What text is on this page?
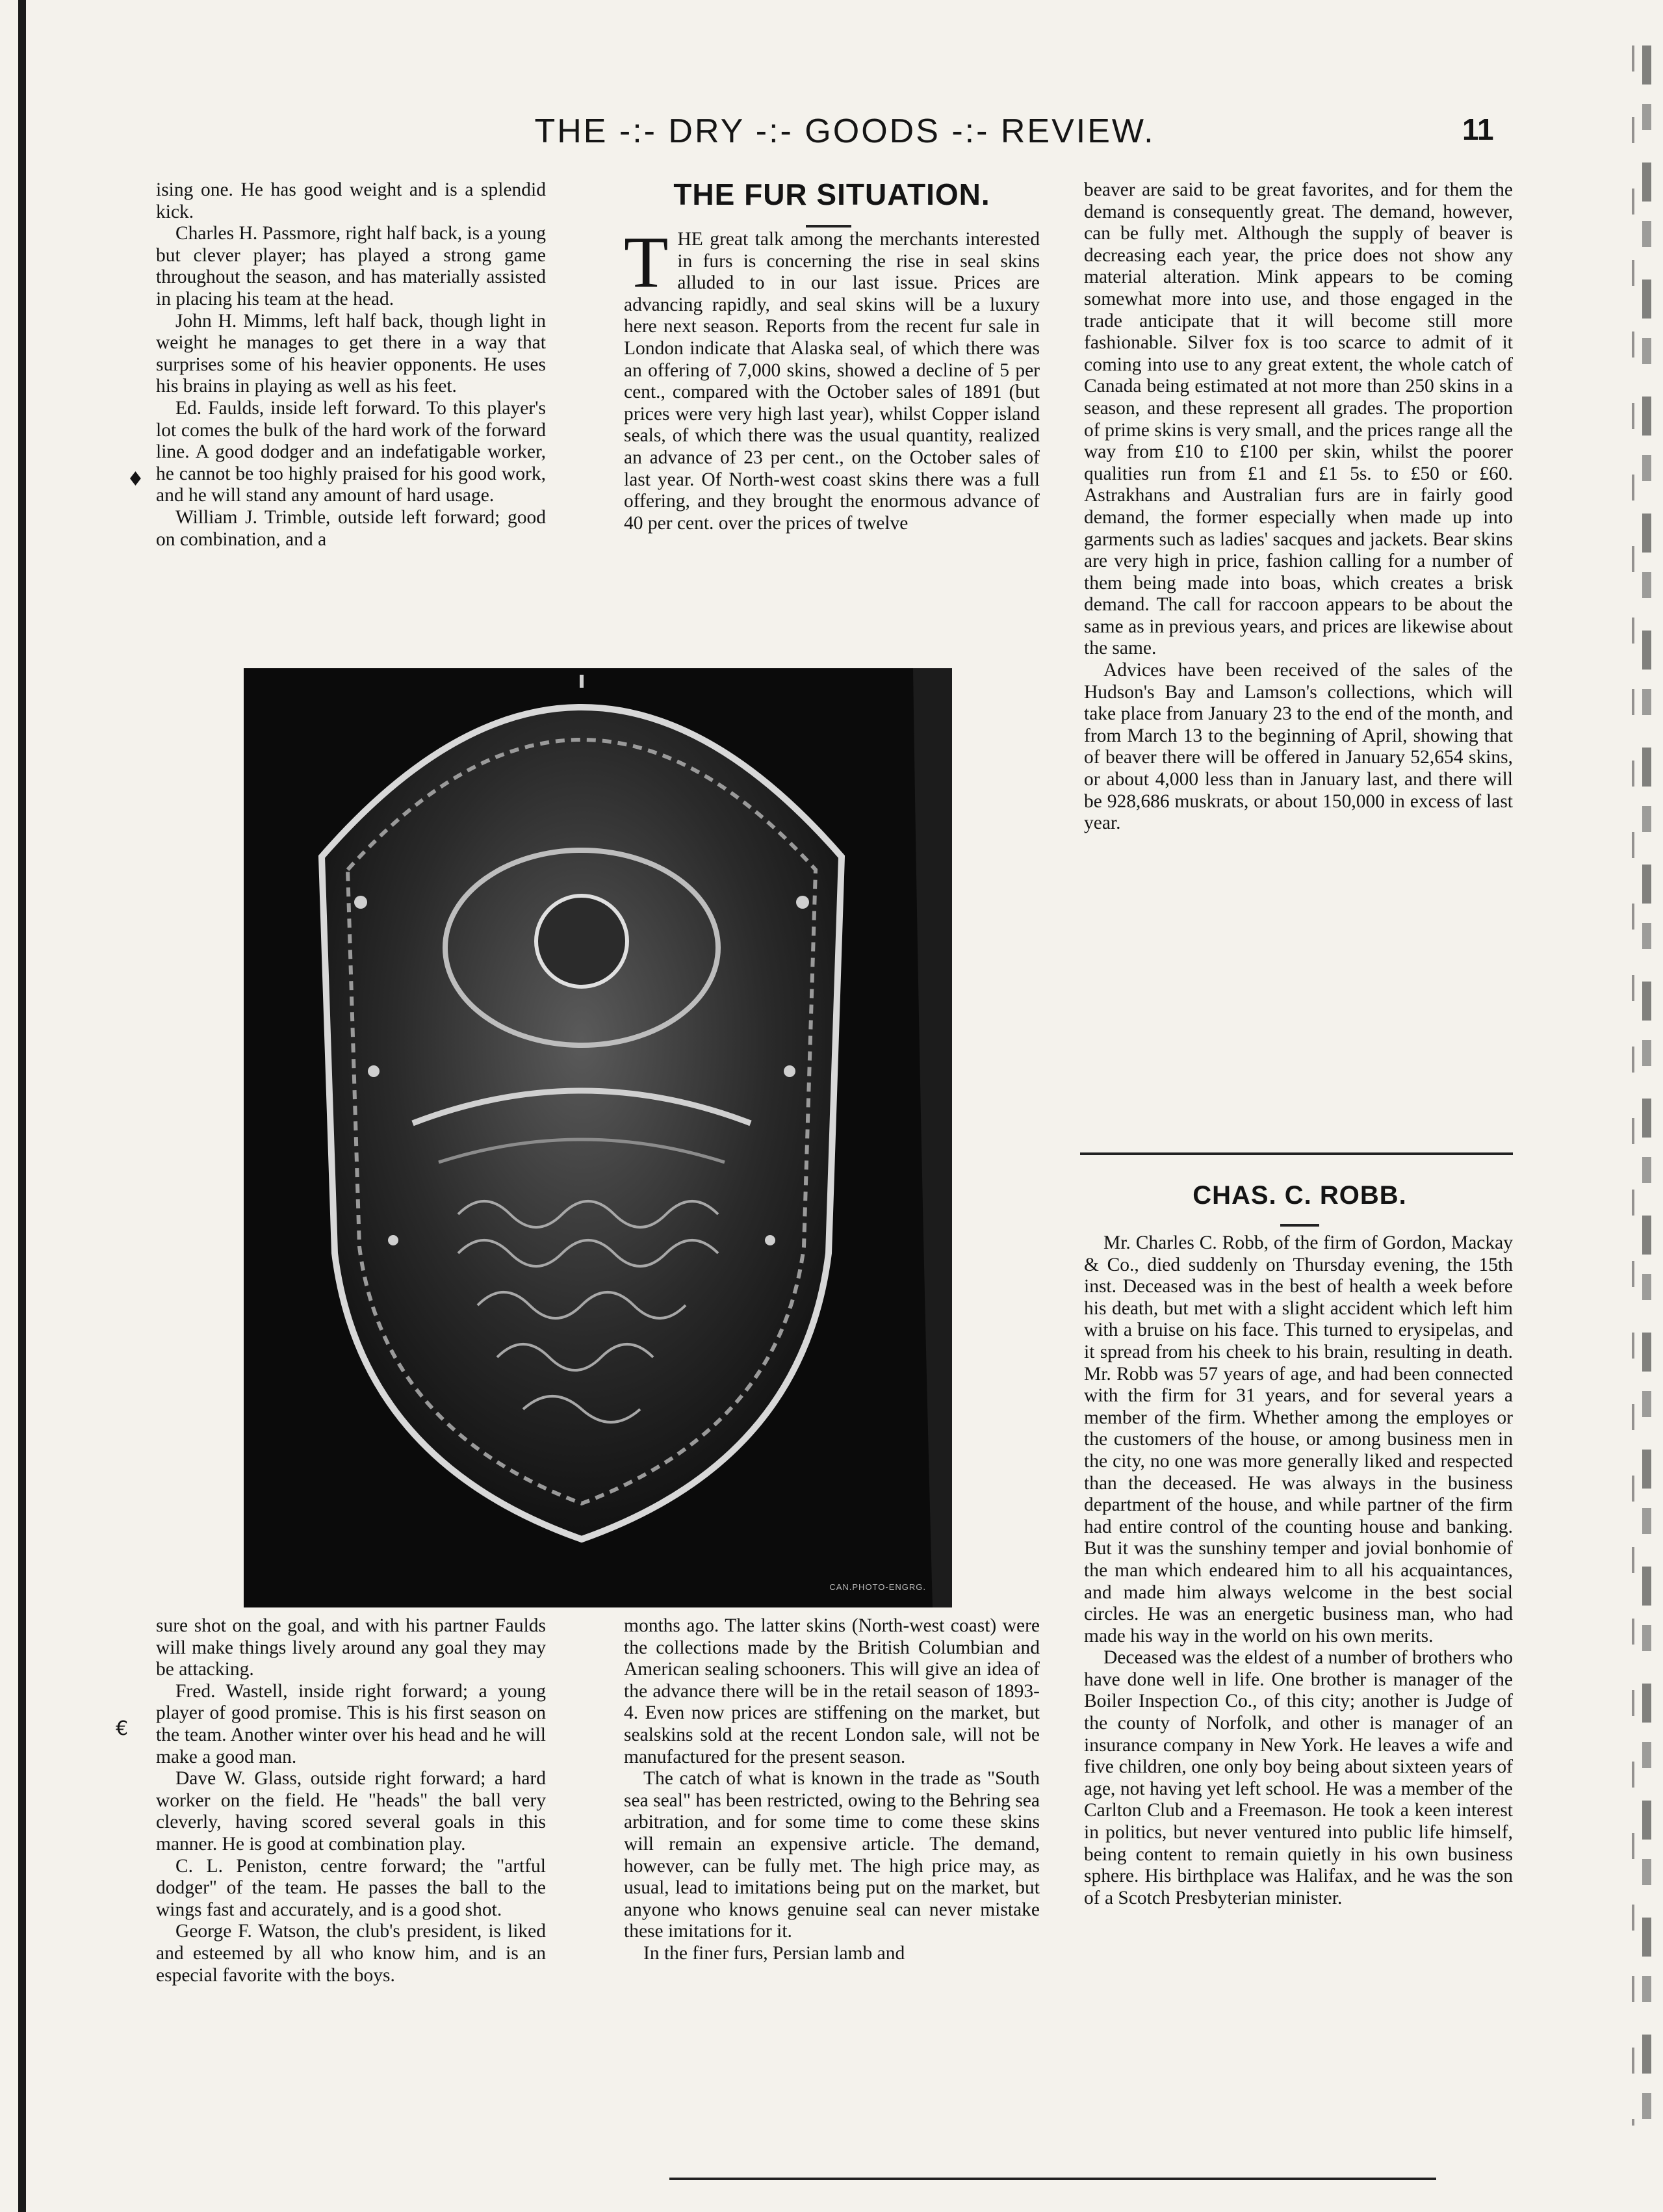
THE -:- DRY -:- GOODS -:- REVIEW.	11

ising one. He has good weight and is a splendid kick.

Charles H. Passmore, right half back, is a young but clever player; has played a strong game throughout the season, and has materially assisted in placing his team at the head.

John H. Mimms, left half back, though light in weight he manages to get there in a way that surprises some of his heavier opponents. He uses his brains in playing as well as his feet.

Ed. Faulds, inside left forward. To this player's lot comes the bulk of the hard work of the forward line. A good dodger and an indefatigable worker, he cannot be too highly praised for his good work, and he will stand any amount of hard usage.

William J. Trimble, outside left forward; good on combination, and a

♦
THE FUR SITUATION.

THE great talk among the merchants interested in furs is concerning the rise in seal skins alluded to in our last issue. Prices are advancing rapidly, and seal skins will be a luxury here next season. Reports from the recent fur sale in London indicate that Alaska seal, of which there was an offering of 7,000 skins, showed a decline of 5 per cent., compared with the October sales of 1891 (but prices were very high last year), whilst Copper island seals, of which there was the usual quantity, realized an advance of 23 per cent., on the October sales of last year. Of North-west coast skins there was a full offering, and they brought the enormous advance of 40 per cent. over the prices of twelve

beaver are said to be great favorites, and for them the demand is consequently great. The demand, however, can be fully met. Although the supply of beaver is decreasing each year, the price does not show any material alteration. Mink appears to be coming somewhat more into use, and those engaged in the trade anticipate that it will become still more fashionable. Silver fox is too scarce to admit of it coming into use to any great extent, the whole catch of Canada being estimated at not more than 250 skins in a season, and these represent all grades. The proportion of prime skins is very small, and the prices range all the way from £10 to £100 per skin, whilst the poorer qualities run from £1 and £1 5s. to £50 or £60. Astrakhans and Australian furs are in fairly good demand, the former especially when made up into garments such as ladies' sacques and jackets. Bear skins are very high in price, fashion calling for a number of them being made into boas, which creates a brisk demand. The call for raccoon appears to be about the same as in previous years, and prices are likewise about the same.

Advices have been received of the sales of the Hudson's Bay and Lamson's collections, which will take place from January 23 to the end of the month, and from March 13 to the beginning of April, showing that of beaver there will be offered in January 52,654 skins, or about 4,000 less than in January last, and there will be 928,686 muskrats, or about 150,000 in excess of last year.

CHAS. C. ROBB.

Mr. Charles C. Robb, of the firm of Gordon, Mackay & Co., died suddenly on Thursday evening, the 15th inst. Deceased was in the best of health a week before his death, but met with a slight accident which left him with a bruise on his face. This turned to erysipelas, and it spread from his cheek to his brain, resulting in death. Mr. Robb was 57 years of age, and had been connected with the firm for 31 years, and for several years a member of the firm. Whether among the employes or the customers of the house, or among business men in the city, no one was more generally liked and respected than the deceased. He was always in the business department of the house, and while partner of the firm had entire control of the counting house and banking. But it was the sunshiny temper and jovial bonhomie of the man which endeared him to all his acquaintances, and made him always welcome in the best social circles. He was an energetic business man, who had made his way in the world on his own merits.

Deceased was the eldest of a number of brothers who have done well in life. One brother is manager of the Boiler Inspection Co., of this city; another is Judge of the county of Norfolk, and other is manager of an insurance company in New York. He leaves a wife and five children, one only boy being about sixteen years of age, not having yet left school. He was a member of the Carlton Club and a Freemason. He took a keen interest in politics, but never ventured into public life himself, being content to remain quietly in his own business sphere. His birthplace was Halifax, and he was the son of a Scotch Presbyterian minister.

CAN.PHOTO-ENGRG.

sure shot on the goal, and with his partner Faulds will make things lively around any goal they may be attacking.

Fred. Wastell, inside right forward; a young player of good promise. This is his first season on the team. Another winter over his head and he will make a good man.

Dave W. Glass, outside right forward; a hard worker on the field. He "heads" the ball very cleverly, having scored several goals in this manner. He is good at combination play.

C. L. Peniston, centre forward; the "artful dodger" of the team. He passes the ball to the wings fast and accurately, and is a good shot.

George F. Watson, the club's president, is liked and esteemed by all who know him, and is an especial favorite with the boys.

€

months ago. The latter skins (North-west coast) were the collections made by the British Columbian and American sealing schooners. This will give an idea of the advance there will be in the retail season of 1893-4. Even now prices are stiffening on the market, but sealskins sold at the recent London sale, will not be manufactured for the present season.

The catch of what is known in the trade as "South sea seal" has been restricted, owing to the Behring sea arbitration, and for some time to come these skins will remain an expensive article. The demand, however, can be fully met. The high price may, as usual, lead to imitations being put on the market, but anyone who knows genuine seal can never mistake these imitations for it.

In the finer furs, Persian lamb and
